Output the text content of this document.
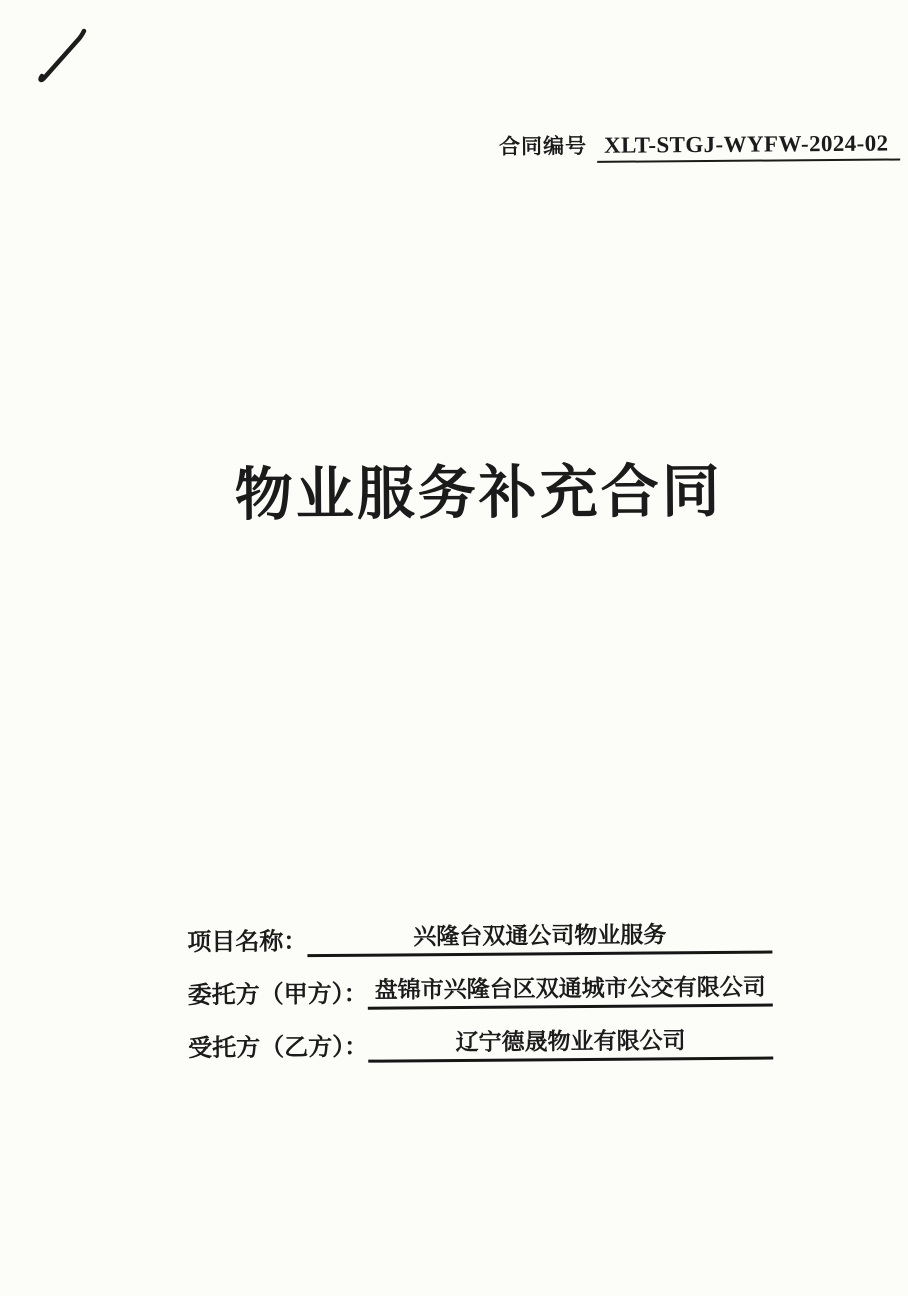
合同编号 XLT-STGJ-WYFW-2024-02
物业服务补充合同
项目名称：	兴隆台双通公司物业服务
委托方（甲方）： 盘锦市兴隆台区双通城市公交有限公司
受托方（乙方）：	辽宁德晟物业有限公司
